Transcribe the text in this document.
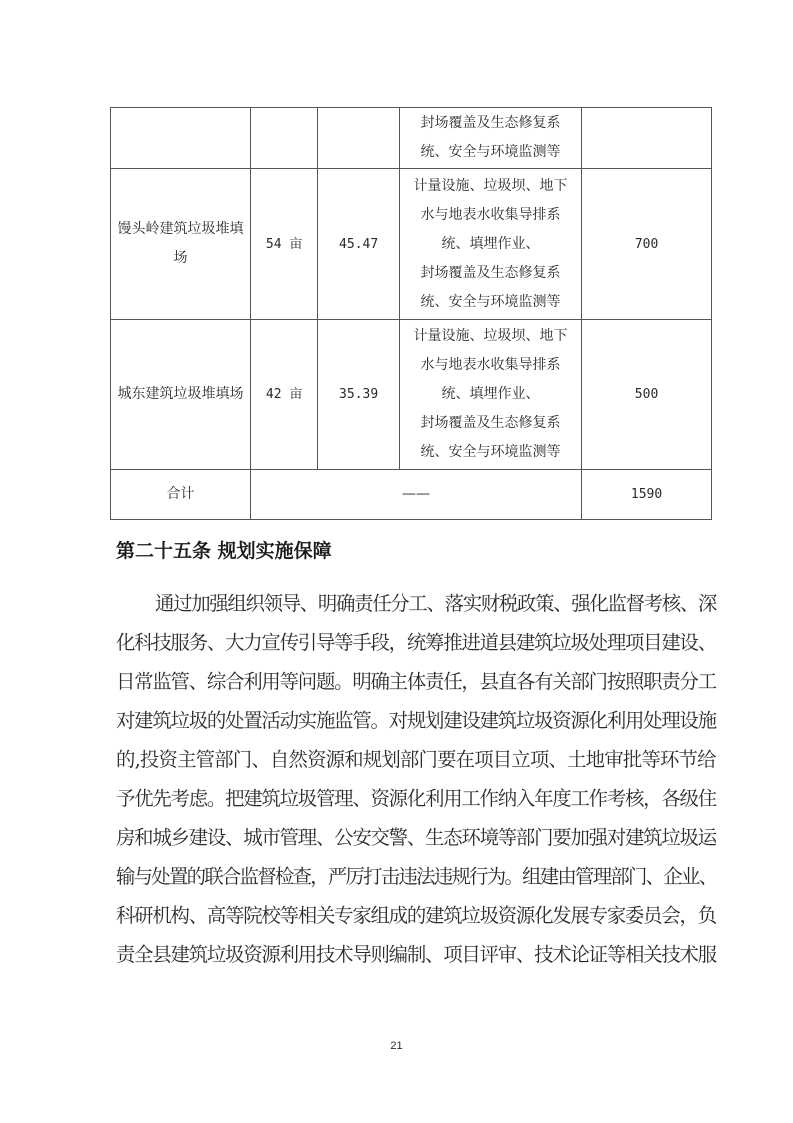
			封场覆盖及生态修复系
统、安全与环境监测等	

馒头岭建筑垃圾堆填场	54 亩	45.47	计量设施、垃圾坝、地下
水与地表水收集导排系
统、填埋作业、
封场覆盖及生态修复系
统、安全与环境监测等	700
城东建筑垃圾堆填场	42 亩	35.39	计量设施、垃圾坝、地下
水与地表水收集导排系
统、填埋作业、
封场覆盖及生态修复系
统、安全与环境监测等	500
合计	——			1590
第二十五条 规划实施保障
通过加强组织领导、明确责任分工、落实财税政策、强化监督考核、深
化科技服务、大力宣传引导等手段，统筹推进道县建筑垃圾处理项目建设、
日常监管、综合利用等问题。明确主体责任，县直各有关部门按照职责分工
对建筑垃圾的处置活动实施监管。对规划建设建筑垃圾资源化利用处理设施
的,投资主管部门、自然资源和规划部门要在项目立项、土地审批等环节给
予优先考虑。把建筑垃圾管理、资源化利用工作纳入年度工作考核，各级住
房和城乡建设、城市管理、公安交警、生态环境等部门要加强对建筑垃圾运
输与处置的联合监督检查，严厉打击违法违规行为。组建由管理部门、企业、
科研机构、高等院校等相关专家组成的建筑垃圾资源化发展专家委员会，负
责全县建筑垃圾资源利用技术导则编制、项目评审、技术论证等相关技术服
21
